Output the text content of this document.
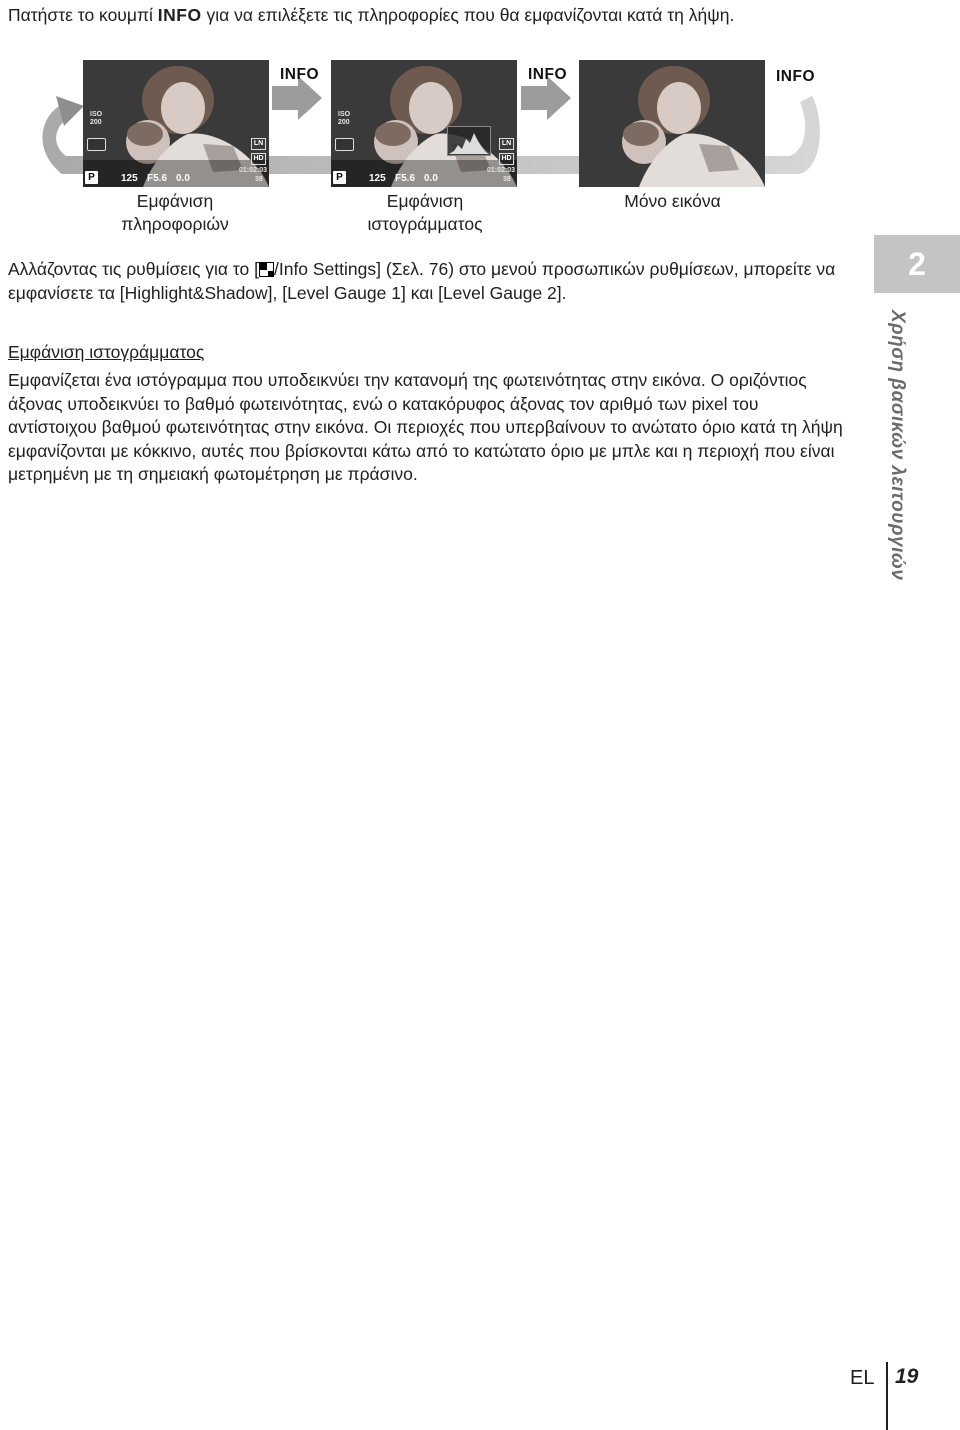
Πατήστε το κουμπί INFO για να επιλέξετε τις πληροφορίες που θα εμφανίζονται κατά τη λήψη.
ISO
200
LN
HD
P	125 F5.6 0.0
01:02:03
38
INFO
ISO
200
LN
HD
P	125 F5.6 0.0
01:02:03
38
INFO	INFO
Εμφάνιση
πληροφοριών
Εμφάνιση
ιστογράμματος
Μόνο εικόνα
Αλλάζοντας τις ρυθμίσεις για το [ /Info Settings] (Σελ. 76) στο μενού προσωπικών ρυθμίσεων, μπορείτε να εμφανίσετε τα [Highlight&Shadow], [Level Gauge 1] και [Level Gauge 2].
Εμφάνιση ιστογράμματος
Εμφανίζεται ένα ιστόγραμμα που υποδεικνύει την κατανομή της φωτεινότητας στην εικόνα. Ο οριζόντιος άξονας υποδεικνύει το βαθμό φωτεινότητας, ενώ ο κατακόρυφος άξονας τον αριθμό των pixel του αντίστοιχου βαθμού φωτεινότητας στην εικόνα. Οι περιοχές που υπερβαίνουν το ανώτατο όριο κατά τη λήψη εμφανίζονται με κόκκινο, αυτές που βρίσκονται κάτω από το κατώτατο όριο με μπλε και η περιοχή που είναι μετρημένη με τη σημειακή φωτομέτρηση με πράσινο.
2
Χρήση βασικών λειτουργιών
EL 19
